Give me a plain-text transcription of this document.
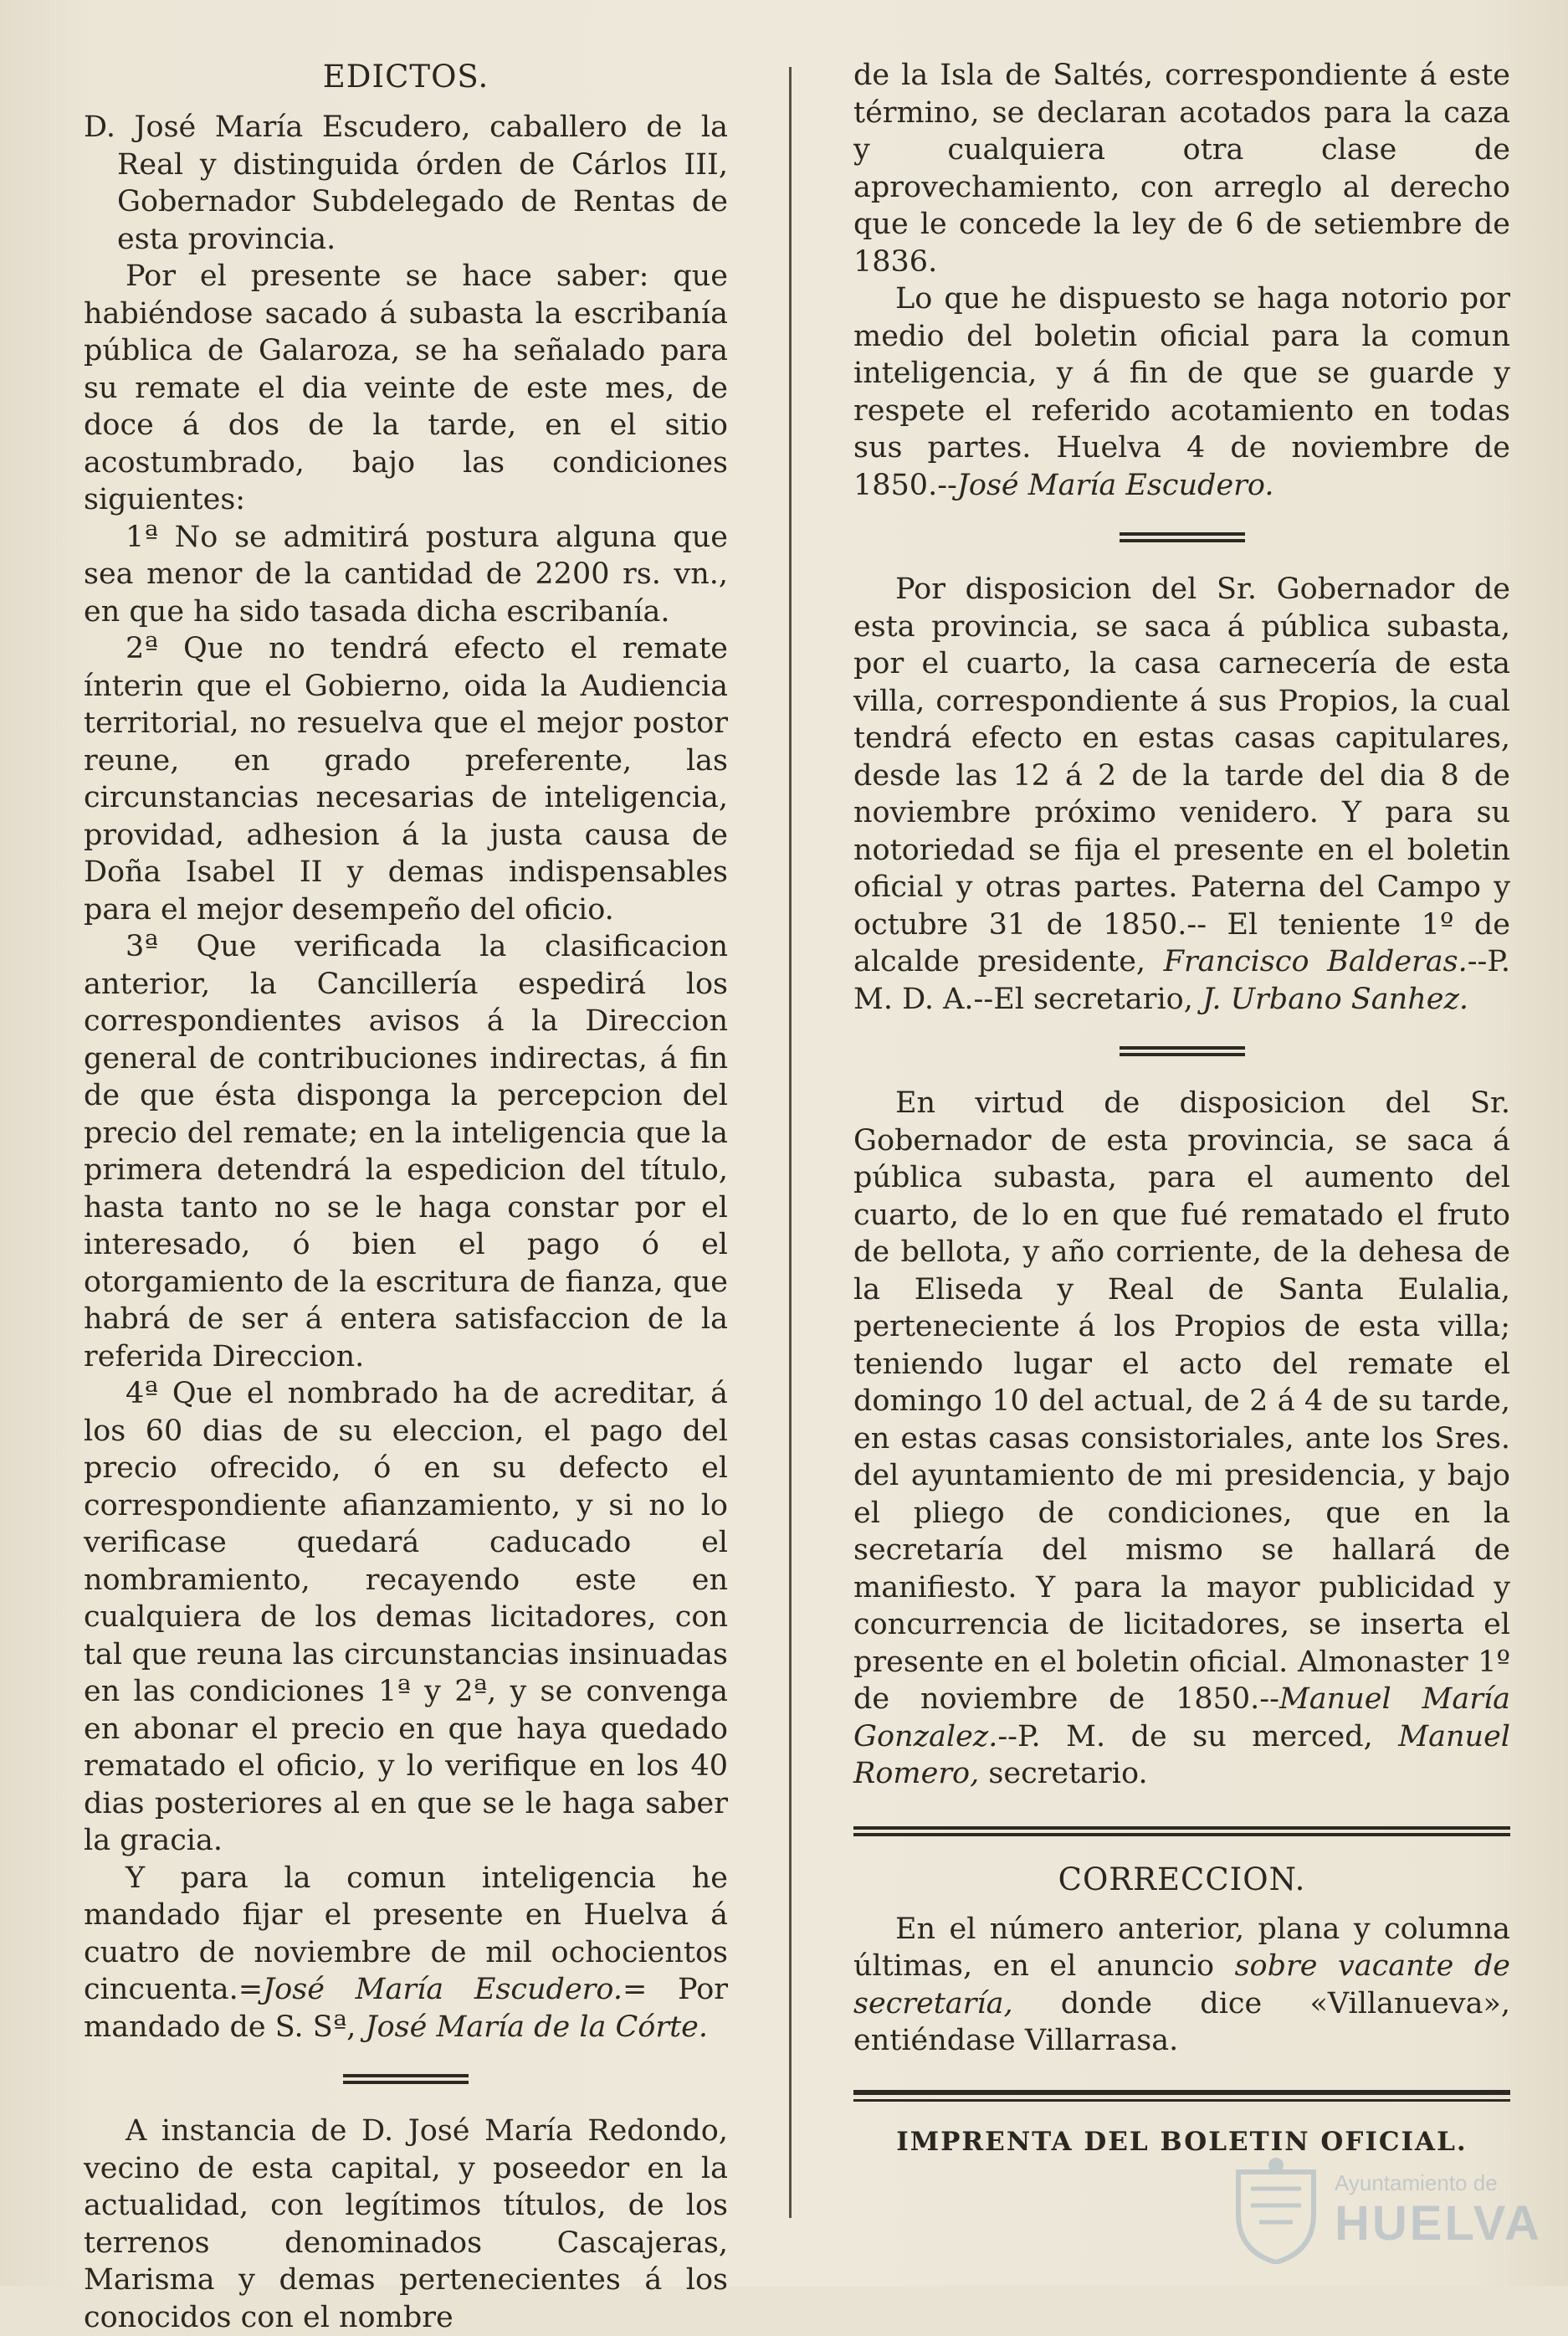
EDICTOS.

D. José María Escudero, caballero de la Real y distinguida órden de Cárlos III, Gobernador Subdelegado de Rentas de esta provincia.

Por el presente se hace saber: que habiéndose sacado á subasta la escribanía pública de Galaroza, se ha señalado para su remate el dia veinte de este mes, de doce á dos de la tarde, en el sitio acostumbrado, bajo las condiciones siguientes:

1ª No se admitirá postura alguna que sea menor de la cantidad de 2200 rs. vn., en que ha sido tasada dicha escribanía.

2ª Que no tendrá efecto el remate ínterin que el Gobierno, oida la Audiencia territorial, no resuelva que el mejor postor reune, en grado preferente, las circunstancias necesarias de inteligencia, providad, adhesion á la justa causa de Doña Isabel II y demas indispensables para el mejor desempeño del oficio.

3ª Que verificada la clasificacion anterior, la Cancillería espedirá los correspondientes avisos á la Direccion general de contribuciones indirectas, á fin de que ésta disponga la percepcion del precio del remate; en la inteligencia que la primera detendrá la espedicion del título, hasta tanto no se le haga constar por el interesado, ó bien el pago ó el otorgamiento de la escritura de fianza, que habrá de ser á entera satisfaccion de la referida Direccion.

4ª Que el nombrado ha de acreditar, á los 60 dias de su eleccion, el pago del precio ofrecido, ó en su defecto el correspondiente afianzamiento, y si no lo verificase quedará caducado el nombramiento, recayendo este en cualquiera de los demas licitadores, con tal que reuna las circunstancias insinuadas en las condiciones 1ª y 2ª, y se convenga en abonar el precio en que haya quedado rematado el oficio, y lo verifique en los 40 dias posteriores al en que se le haga saber la gracia.

Y para la comun inteligencia he mandado fijar el presente en Huelva á cuatro de noviembre de mil ochocientos cincuenta.=José María Escudero.= Por mandado de S. Sª, José María de la Córte.

A instancia de D. José María Redondo, vecino de esta capital, y poseedor en la actualidad, con legítimos títulos, de los terrenos denominados Cascajeras, Marisma y demas pertenecientes á los conocidos con el nombre

de la Isla de Saltés, correspondiente á este término, se declaran acotados para la caza y cualquiera otra clase de aprovechamiento, con arreglo al derecho que le concede la ley de 6 de setiembre de 1836.

Lo que he dispuesto se haga notorio por medio del boletin oficial para la comun inteligencia, y á fin de que se guarde y respete el referido acotamiento en todas sus partes. Huelva 4 de noviembre de 1850.--José María Escudero.

Por disposicion del Sr. Gobernador de esta provincia, se saca á pública subasta, por el cuarto, la casa carnecería de esta villa, correspondiente á sus Propios, la cual tendrá efecto en estas casas capitulares, desde las 12 á 2 de la tarde del dia 8 de noviembre próximo venidero. Y para su notoriedad se fija el presente en el boletin oficial y otras partes. Paterna del Campo y octubre 31 de 1850.-- El teniente 1º de alcalde presidente, Francisco Balderas.--P. M. D. A.--El secretario, J. Urbano Sanhez.

En virtud de disposicion del Sr. Gobernador de esta provincia, se saca á pública subasta, para el aumento del cuarto, de lo en que fué rematado el fruto de bellota, y año corriente, de la dehesa de la Eliseda y Real de Santa Eulalia, perteneciente á los Propios de esta villa; teniendo lugar el acto del remate el domingo 10 del actual, de 2 á 4 de su tarde, en estas casas consistoriales, ante los Sres. del ayuntamiento de mi presidencia, y bajo el pliego de condiciones, que en la secretaría del mismo se hallará de manifiesto. Y para la mayor publicidad y concurrencia de licitadores, se inserta el presente en el boletin oficial. Almonaster 1º de noviembre de 1850.--Manuel María Gonzalez.--P. M. de su merced, Manuel Romero, secretario.

CORRECCION.

En el número anterior, plana y columna últimas, en el anuncio sobre vacante de secretaría, donde dice «Villanueva», entiéndase Villarrasa.

IMPRENTA DEL BOLETIN OFICIAL.
Ayuntamiento de
HUELVA
